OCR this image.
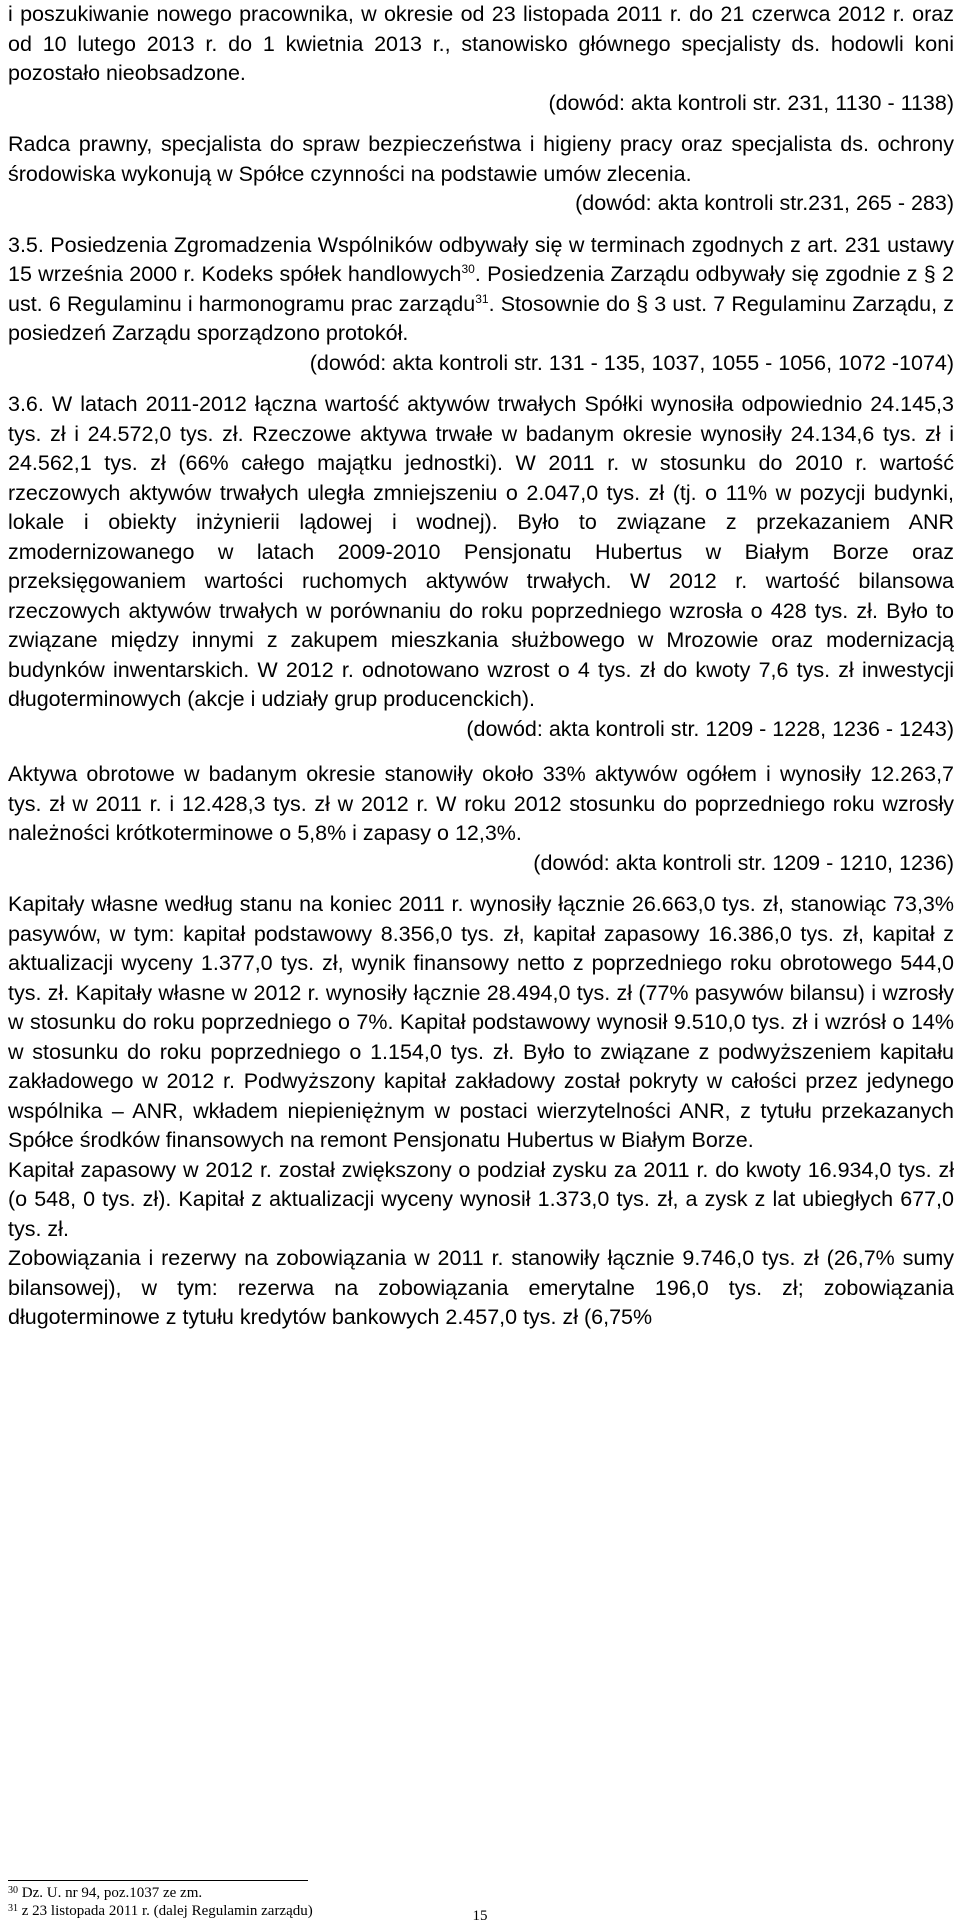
i poszukiwanie nowego pracownika, w okresie od 23 listopada 2011 r. do 21 czerwca 2012 r. oraz od 10 lutego 2013 r. do 1 kwietnia 2013 r., stanowisko głównego specjalisty ds. hodowli koni pozostało nieobsadzone.

(dowód: akta kontroli str. 231, 1130 - 1138)

Radca prawny, specjalista do spraw bezpieczeństwa i higieny pracy oraz specjalista ds. ochrony środowiska wykonują w Spółce czynności na podstawie umów zlecenia.

(dowód: akta kontroli str.231, 265 - 283)

3.5. Posiedzenia Zgromadzenia Wspólników odbywały się w terminach zgodnych z art. 231 ustawy 15 września 2000 r. Kodeks spółek handlowych$^{30}$. Posiedzenia Zarządu odbywały się zgodnie z § 2 ust. 6 Regulaminu i harmonogramu prac zarządu$^{31}$. Stosownie do § 3 ust. 7 Regulaminu Zarządu, z posiedzeń Zarządu sporządzono protokół.

(dowód: akta kontroli str. 131 - 135, 1037, 1055 - 1056, 1072 -1074)

3.6. W latach 2011-2012 łączna wartość aktywów trwałych Spółki wynosiła odpowiednio 24.145,3 tys. zł i 24.572,0 tys. zł. Rzeczowe aktywa trwałe w badanym okresie wynosiły 24.134,6 tys. zł i 24.562,1 tys. zł (66% całego majątku jednostki). W 2011 r. w stosunku do 2010 r. wartość rzeczowych aktywów trwałych uległa zmniejszeniu o 2.047,0 tys. zł (tj. o 11% w pozycji budynki, lokale i obiekty inżynierii lądowej i wodnej). Było to związane z przekazaniem ANR zmodernizowanego w latach 2009-2010 Pensjonatu Hubertus w Białym Borze oraz przeksięgowaniem wartości ruchomych aktywów trwałych. W 2012 r. wartość bilansowa rzeczowych aktywów trwałych w porównaniu do roku poprzedniego wzrosła o 428 tys. zł. Było to związane między innymi z zakupem mieszkania służbowego w Mrozowie oraz modernizacją budynków inwentarskich. W 2012 r. odnotowano wzrost o 4 tys. zł do kwoty 7,6 tys. zł inwestycji długoterminowych (akcje i udziały grup producenckich).

(dowód: akta kontroli str. 1209 - 1228, 1236 - 1243)

Aktywa obrotowe w badanym okresie stanowiły około 33% aktywów ogółem i wynosiły 12.263,7 tys. zł w 2011 r. i 12.428,3 tys. zł w 2012 r. W roku 2012 stosunku do poprzedniego roku wzrosły należności krótkoterminowe o 5,8% i zapasy o 12,3%.

(dowód: akta kontroli str. 1209 - 1210, 1236)

Kapitały własne według stanu na koniec 2011 r. wynosiły łącznie 26.663,0 tys. zł, stanowiąc 73,3% pasywów, w tym: kapitał podstawowy 8.356,0 tys. zł, kapitał zapasowy 16.386,0 tys. zł, kapitał z aktualizacji wyceny 1.377,0 tys. zł, wynik finansowy netto z poprzedniego roku obrotowego 544,0 tys. zł. Kapitały własne w 2012 r. wynosiły łącznie 28.494,0 tys. zł (77% pasywów bilansu) i wzrosły w stosunku do roku poprzedniego o 7%. Kapitał podstawowy wynosił 9.510,0 tys. zł i wzrósł o 14% w stosunku do roku poprzedniego o 1.154,0 tys. zł. Było to związane z podwyższeniem kapitału zakładowego w 2012 r. Podwyższony kapitał zakładowy został pokryty w całości przez jedynego wspólnika – ANR, wkładem niepieniężnym w postaci wierzytelności ANR, z tytułu przekazanych Spółce środków finansowych na remont Pensjonatu Hubertus w Białym Borze.

Kapitał zapasowy w 2012 r. został zwiększony o podział zysku za 2011 r. do kwoty 16.934,0 tys. zł (o 548, 0 tys. zł). Kapitał z aktualizacji wyceny wynosił 1.373,0 tys. zł, a zysk z lat ubiegłych 677,0 tys. zł.

Zobowiązania i rezerwy na zobowiązania w 2011 r. stanowiły łącznie 9.746,0 tys. zł (26,7% sumy bilansowej), w tym: rezerwa na zobowiązania emerytalne 196,0 tys. zł; zobowiązania długoterminowe z tytułu kredytów bankowych 2.457,0 tys. zł (6,75%

$^{30}$ Dz. U. nr 94, poz.1037 ze zm.
$^{31}$ z 23 listopada 2011 r. (dalej Regulamin zarządu)	15
